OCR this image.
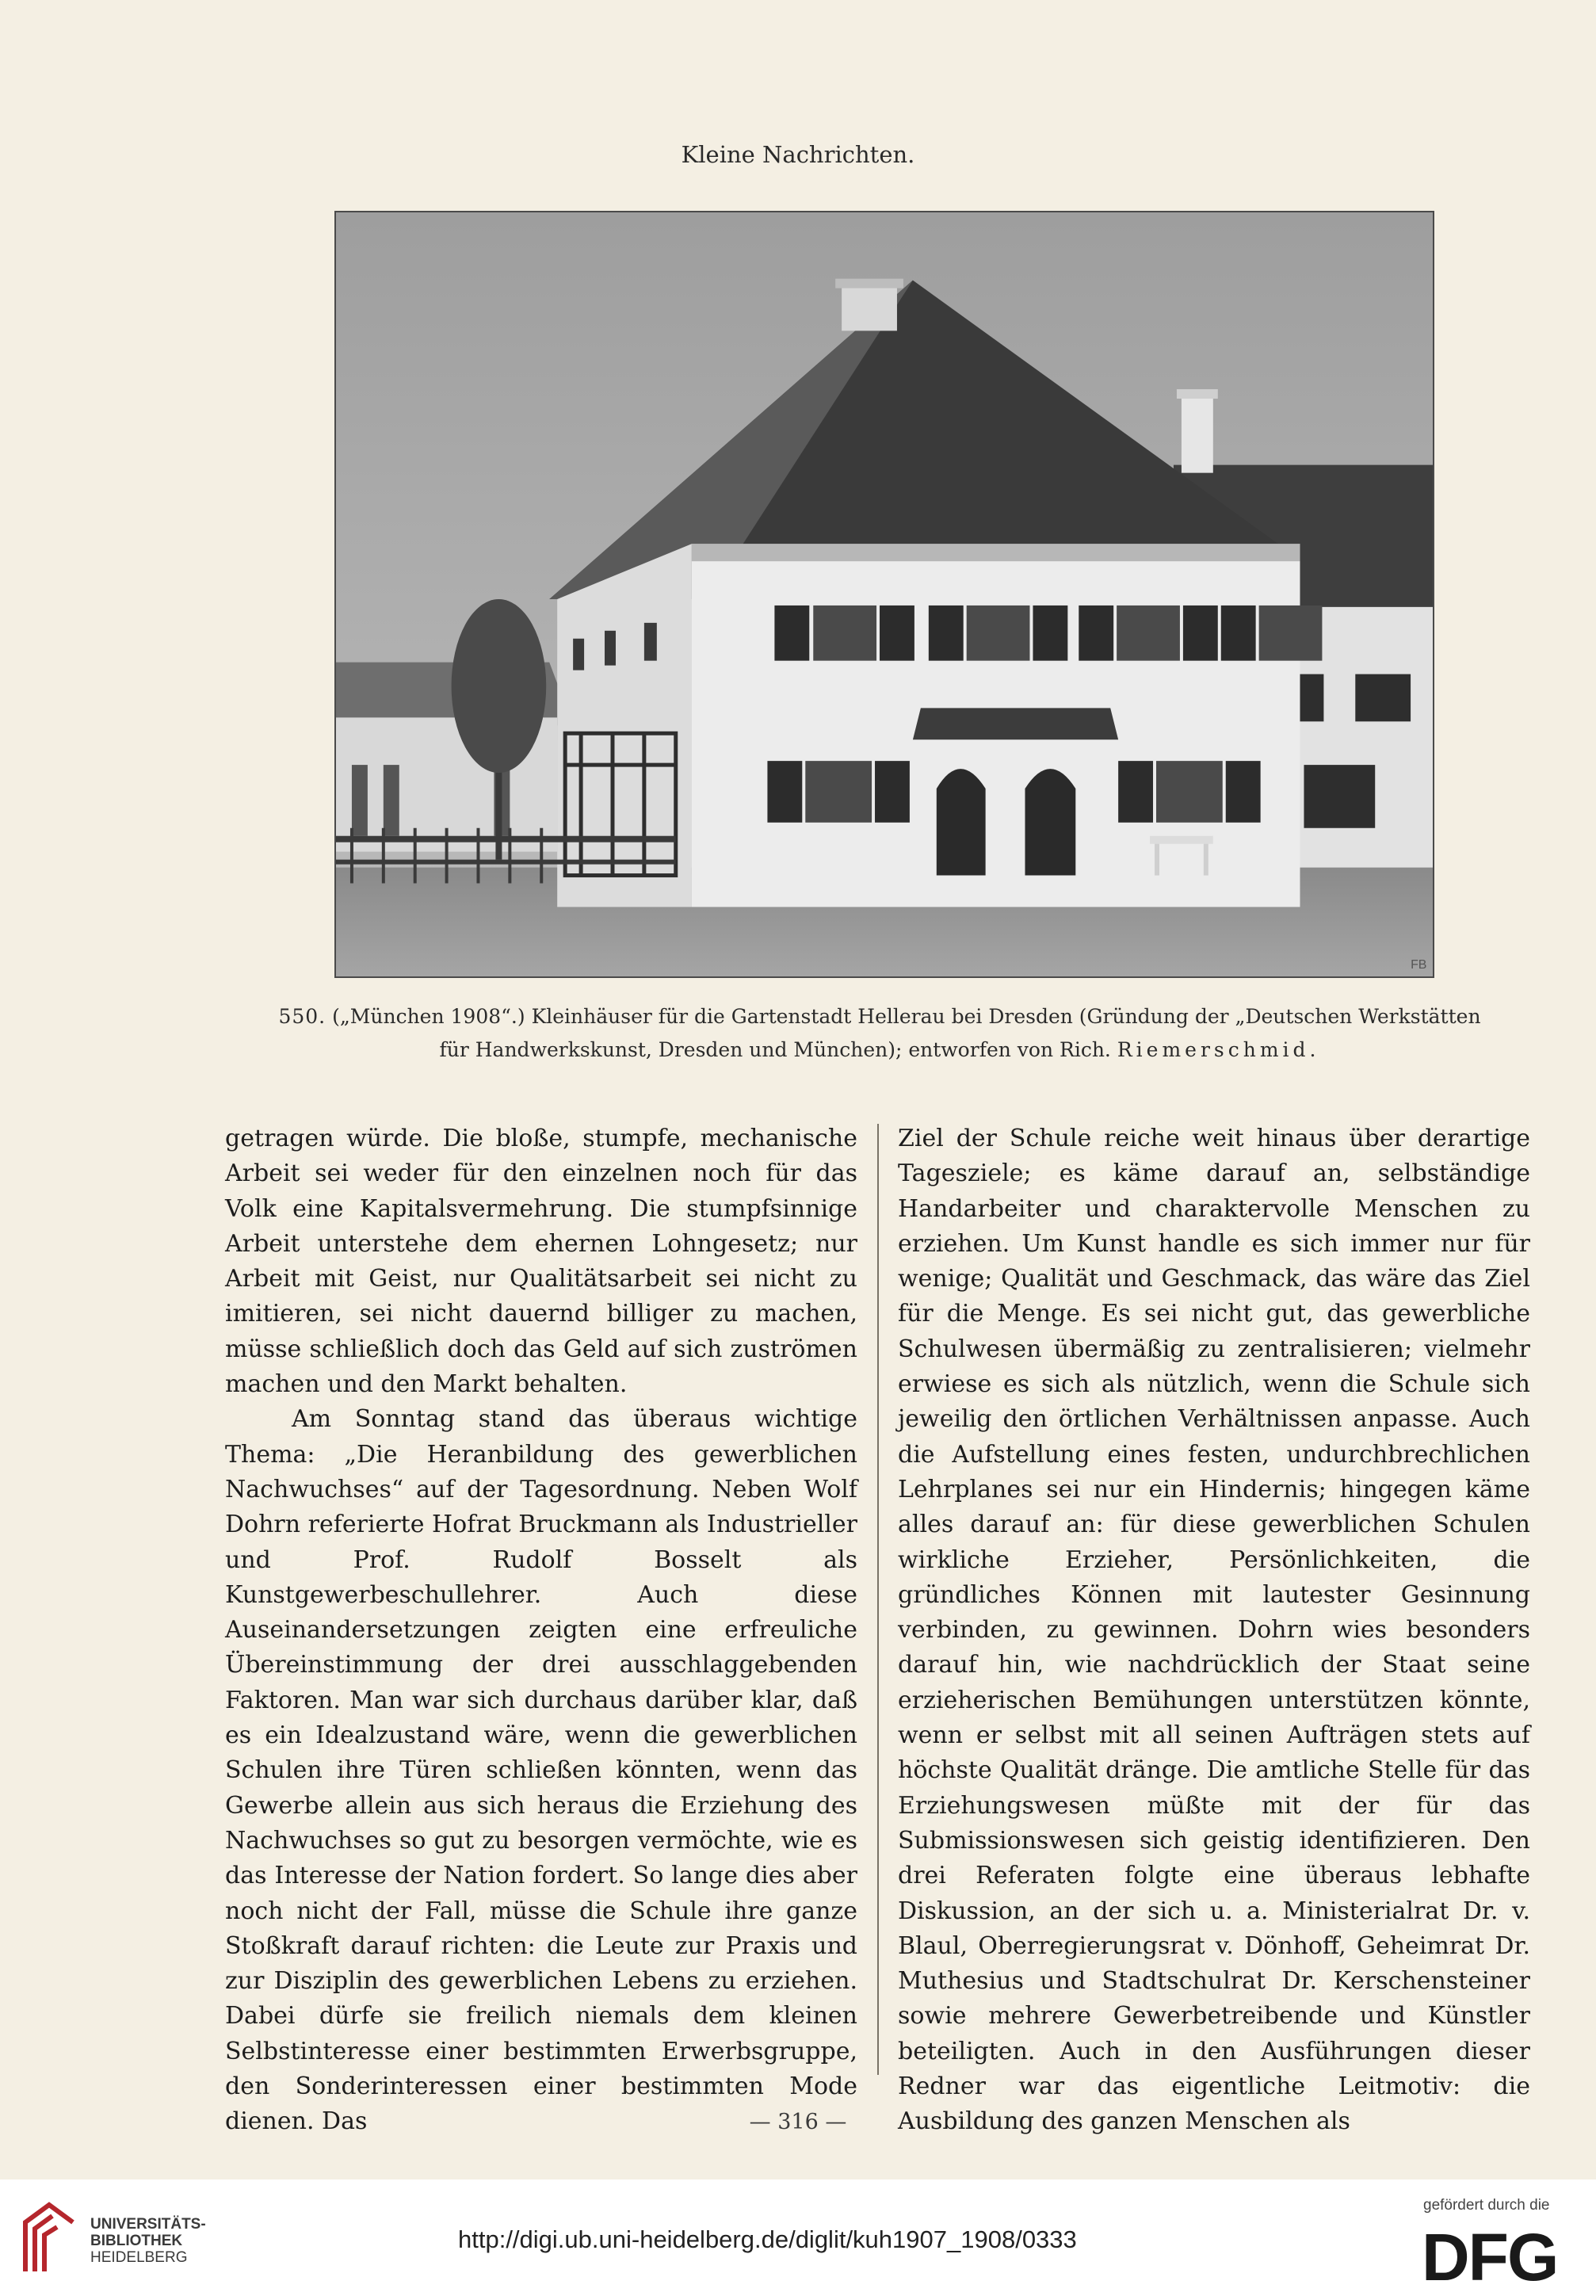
Kleine Nachrichten.
FB
550. („München 1908“.) Kleinhäuser für die Gartenstadt Hellerau bei Dresden (Gründung der „Deutschen Werkstätten
für Handwerkskunst, Dresden und München); entworfen von Rich. Riemerschmid.

getragen würde. Die bloße, stumpfe, mechanische Arbeit sei weder für den einzelnen noch für das Volk eine Kapitalsvermehrung. Die stumpfsinnige Arbeit unterstehe dem ehernen Lohngesetz; nur Arbeit mit Geist, nur Qualitätsarbeit sei nicht zu imitieren, sei nicht dauernd billiger zu machen, müsse schließlich doch das Geld auf sich zuströmen machen und den Markt behalten.

Am Sonntag stand das überaus wichtige Thema: „Die Heranbildung des gewerblichen Nachwuchses“ auf der Tagesordnung. Neben Wolf Dohrn referierte Hofrat Bruckmann als Industrieller und Prof. Rudolf Bosselt als Kunstgewerbeschullehrer. Auch diese Auseinandersetzungen zeigten eine erfreuliche Übereinstimmung der drei ausschlaggebenden Faktoren. Man war sich durchaus darüber klar, daß es ein Idealzustand wäre, wenn die gewerblichen Schulen ihre Türen schließen könnten, wenn das Gewerbe allein aus sich heraus die Erziehung des Nachwuchses so gut zu besorgen vermöchte, wie es das Interesse der Nation fordert. So lange dies aber noch nicht der Fall, müsse die Schule ihre ganze Stoßkraft darauf richten: die Leute zur Praxis und zur Disziplin des gewerblichen Lebens zu erziehen. Dabei dürfe sie freilich niemals dem kleinen Selbstinteresse einer bestimmten Erwerbsgruppe, den Sonderinteressen einer bestimmten Mode dienen. Das

Ziel der Schule reiche weit hinaus über derartige Tagesziele; es käme darauf an, selbständige Handarbeiter und charaktervolle Menschen zu erziehen. Um Kunst handle es sich immer nur für wenige; Qualität und Geschmack, das wäre das Ziel für die Menge. Es sei nicht gut, das gewerbliche Schulwesen übermäßig zu zentralisieren; vielmehr erwiese es sich als nützlich, wenn die Schule sich jeweilig den örtlichen Verhältnissen anpasse. Auch die Aufstellung eines festen, undurchbrechlichen Lehrplanes sei nur ein Hindernis; hingegen käme alles darauf an: für diese gewerblichen Schulen wirkliche Erzieher, Persönlichkeiten, die gründliches Können mit lautester Gesinnung verbinden, zu gewinnen. Dohrn wies besonders darauf hin, wie nachdrücklich der Staat seine erzieherischen Bemühungen unterstützen könnte, wenn er selbst mit all seinen Aufträgen stets auf höchste Qualität dränge. Die amtliche Stelle für das Erziehungswesen müßte mit der für das Submissionswesen sich geistig identifizieren. Den drei Referaten folgte eine überaus lebhafte Diskussion, an der sich u. a. Ministerialrat Dr. v. Blaul, Oberregierungsrat v. Dönhoff, Geheimrat Dr. Muthesius und Stadtschulrat Dr. Kerschensteiner sowie mehrere Gewerbetreibende und Künstler beteiligten. Auch in den Ausführungen dieser Redner war das eigentliche Leitmotiv: die Ausbildung des ganzen Menschen als

— 316 —
UNIVERSITÄTS-
BIBLIOTHEK
HEIDELBERG
http://digi.ub.uni-heidelberg.de/diglit/kuh1907_1908/0333
gefördert durch die
DFG
